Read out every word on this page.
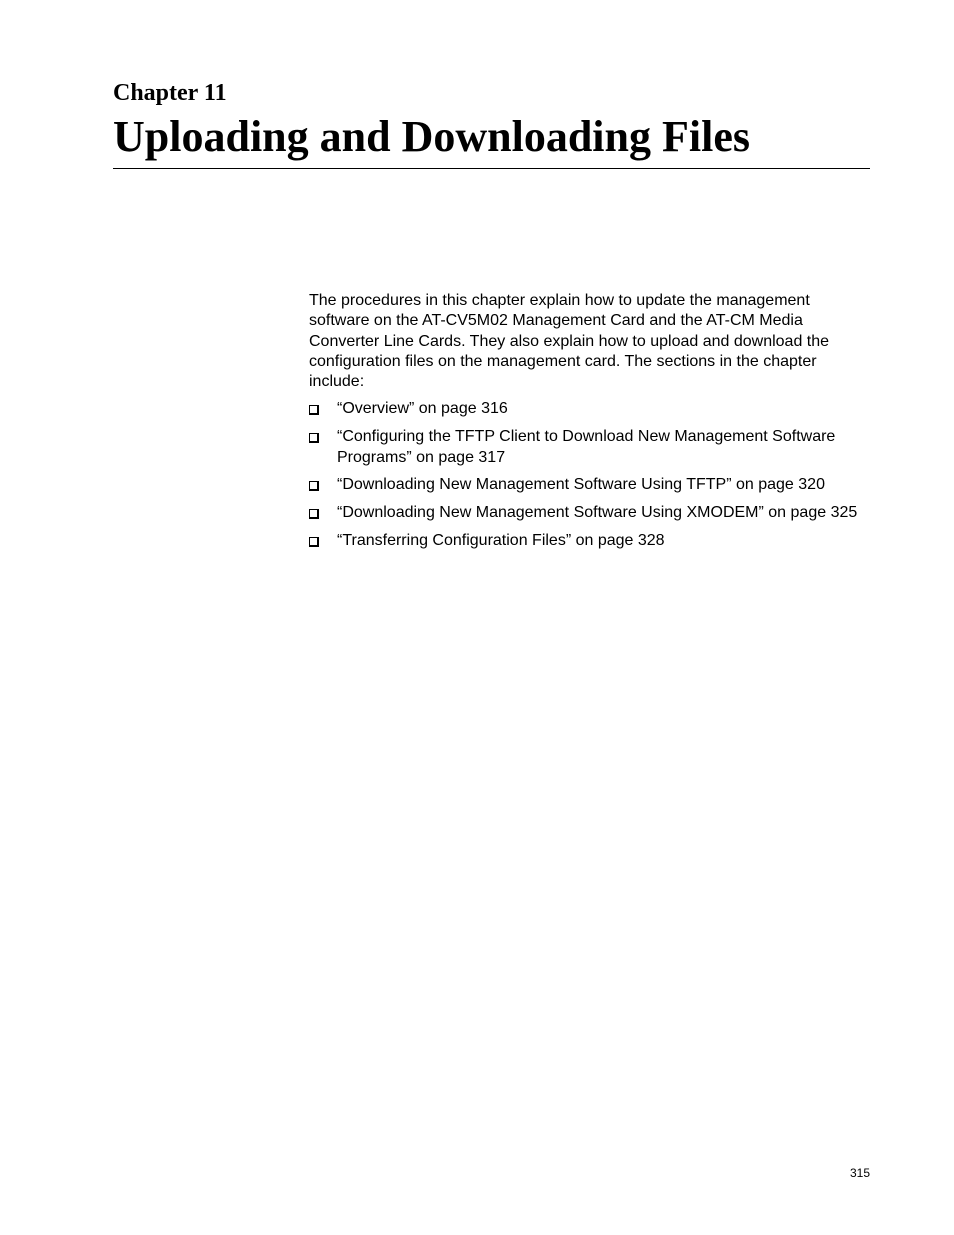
Chapter 11
Uploading and Downloading Files

The procedures in this chapter explain how to update the management software on the AT-CV5M02 Management Card and the AT-CM Media Converter Line Cards. They also explain how to upload and download the configuration files on the management card. The sections in the chapter include:

“Overview” on page 316
“Configuring the TFTP Client to Download New Management Software Programs” on page 317
“Downloading New Management Software Using TFTP” on page 320
“Downloading New Management Software Using XMODEM” on page 325
“Transferring Configuration Files” on page 328
315
